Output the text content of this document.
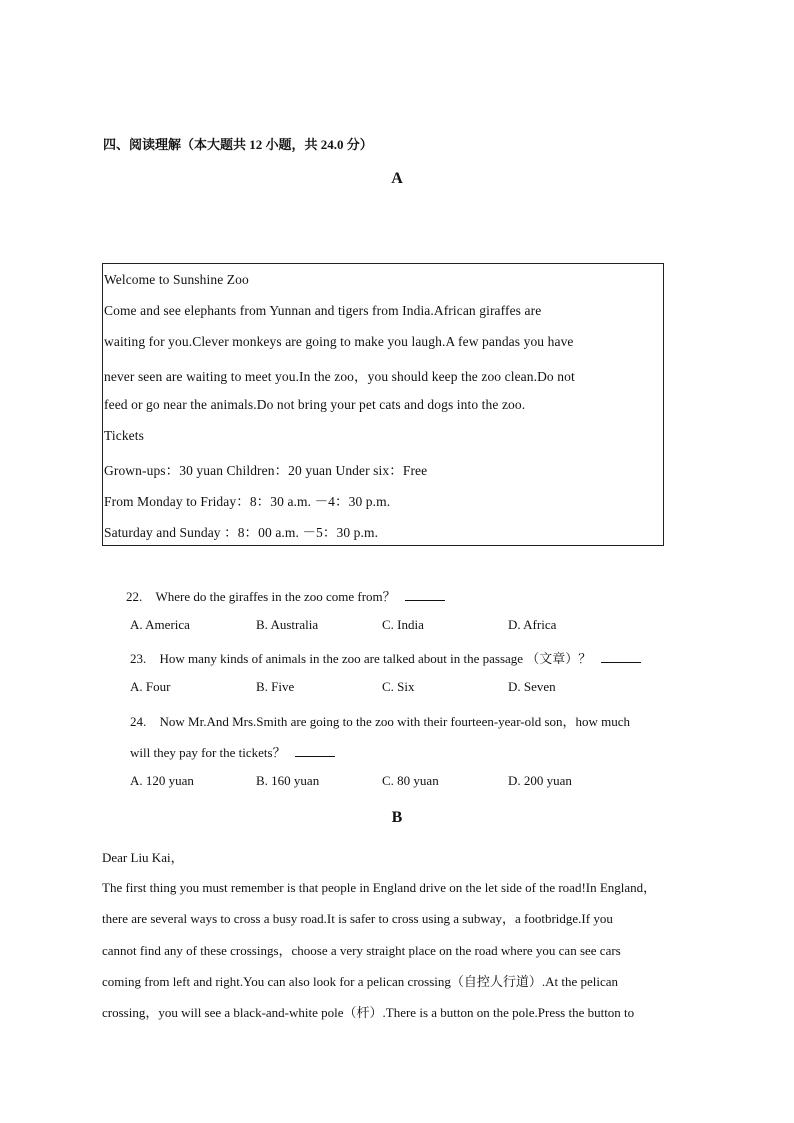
四、阅读理解（本大题共 12 小题，共 24.0 分）
A
Welcome to Sunshine Zoo
Come and see elephants from Yunnan and tigers from India.African giraffes are
waiting for you.Clever monkeys are going to make you laugh.A few pandas you have
never seen are waiting to meet you.In the zoo，you should keep the zoo clean.Do not
feed or go near the animals.Do not bring your pet cats and dogs into the zoo.
Tickets
Grown-ups：30 yuan Children：20 yuan Under six：Free
From Monday to Friday：8：30 a.m. －4：30 p.m.
Saturday and Sunday ：8：00 a.m. －5：30 p.m.
22. Where do the giraffes in the zoo come from？
A. America	B. Australia	C. India	D. Africa
23. How many kinds of animals in the zoo are talked about in the passage （文章）？
A. Four	B. Five	C. Six	D. Seven
24. Now Mr.And Mrs.Smith are going to the zoo with their fourteen-year-old son，how much
will they pay for the tickets？
A. 120 yuan	B. 160 yuan	C. 80 yuan	D. 200 yuan
B
Dear Liu Kai，
The first thing you must remember is that people in England drive on the let side of the road!In England，
there are several ways to cross a busy road.It is safer to cross using a subway，a footbridge.If you
cannot find any of these crossings，choose a very straight place on the road where you can see cars
coming from left and right.You can also look for a pelican crossing（自控人行道）.At the pelican
crossing，you will see a black-and-white pole（杆）.There is a button on the pole.Press the button to
